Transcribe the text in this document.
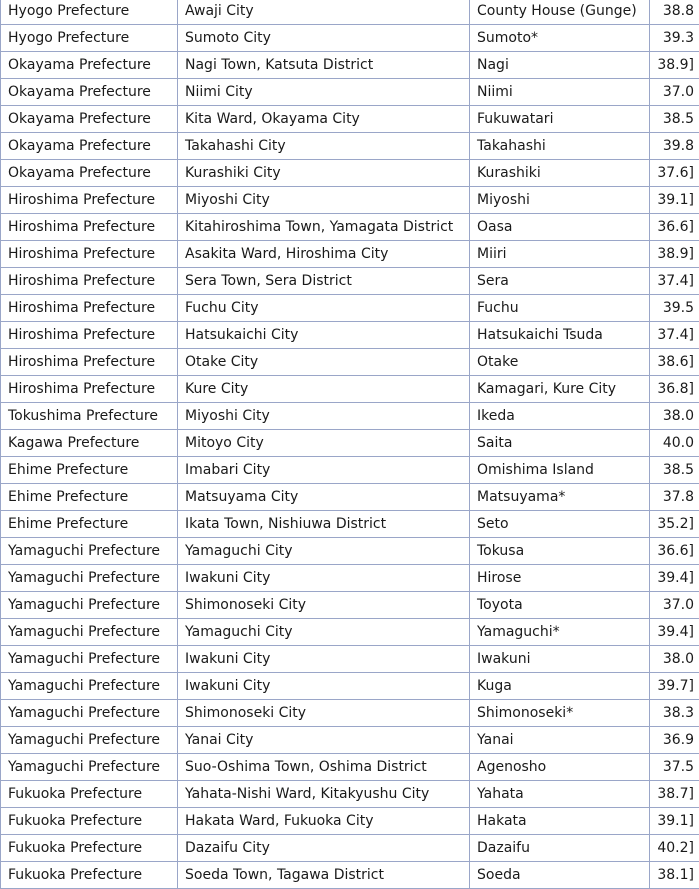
Hyogo Prefecture	Awaji City	County House (Gunge)	38.8
Hyogo Prefecture	Sumoto City	Sumoto*	39.3
Okayama Prefecture	Nagi Town, Katsuta District	Nagi	38.9]
Okayama Prefecture	Niimi City	Niimi	37.0
Okayama Prefecture	Kita Ward, Okayama City	Fukuwatari	38.5
Okayama Prefecture	Takahashi City	Takahashi	39.8
Okayama Prefecture	Kurashiki City	Kurashiki	37.6]
Hiroshima Prefecture	Miyoshi City	Miyoshi	39.1]
Hiroshima Prefecture	Kitahiroshima Town, Yamagata District	Oasa	36.6]
Hiroshima Prefecture	Asakita Ward, Hiroshima City	Miiri	38.9]
Hiroshima Prefecture	Sera Town, Sera District	Sera	37.4]
Hiroshima Prefecture	Fuchu City	Fuchu	39.5
Hiroshima Prefecture	Hatsukaichi City	Hatsukaichi Tsuda	37.4]
Hiroshima Prefecture	Otake City	Otake	38.6]
Hiroshima Prefecture	Kure City	Kamagari, Kure City	36.8]
Tokushima Prefecture	Miyoshi City	Ikeda	38.0
Kagawa Prefecture	Mitoyo City	Saita	40.0
Ehime Prefecture	Imabari City	Omishima Island	38.5
Ehime Prefecture	Matsuyama City	Matsuyama*	37.8
Ehime Prefecture	Ikata Town, Nishiuwa District	Seto	35.2]
Yamaguchi Prefecture	Yamaguchi City	Tokusa	36.6]
Yamaguchi Prefecture	Iwakuni City	Hirose	39.4]
Yamaguchi Prefecture	Shimonoseki City	Toyota	37.0
Yamaguchi Prefecture	Yamaguchi City	Yamaguchi*	39.4]
Yamaguchi Prefecture	Iwakuni City	Iwakuni	38.0
Yamaguchi Prefecture	Iwakuni City	Kuga	39.7]
Yamaguchi Prefecture	Shimonoseki City	Shimonoseki*	38.3
Yamaguchi Prefecture	Yanai City	Yanai	36.9
Yamaguchi Prefecture	Suo-Oshima Town, Oshima District	Agenosho	37.5
Fukuoka Prefecture	Yahata-Nishi Ward, Kitakyushu City	Yahata	38.7]
Fukuoka Prefecture	Hakata Ward, Fukuoka City	Hakata	39.1]
Fukuoka Prefecture	Dazaifu City	Dazaifu	40.2]
Fukuoka Prefecture	Soeda Town, Tagawa District	Soeda	38.1]
